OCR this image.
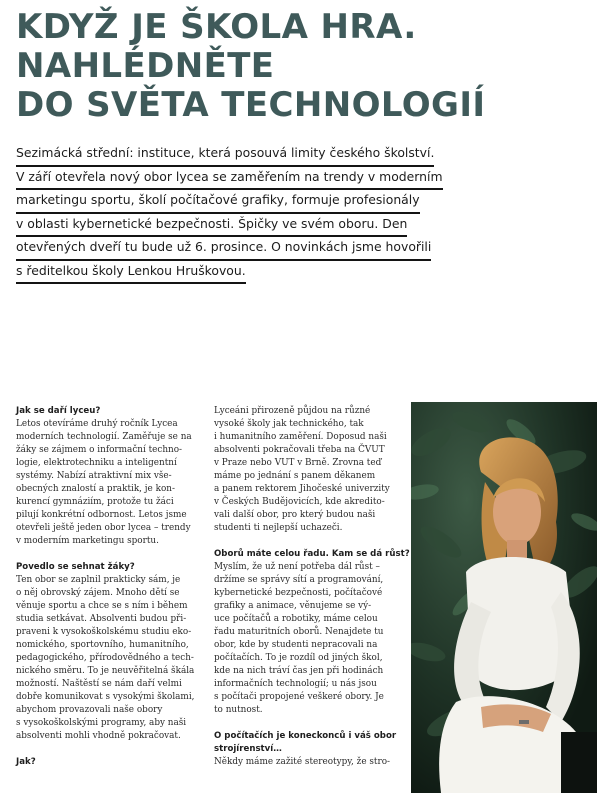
KDYŽ JE ŠKOLA HRA.
NAHLÉDNĚTE
DO SVĚTA TECHNOLOGIÍ
Sezimácká střední: instituce, která posouvá limity českého školství.
V září otevřela nový obor lycea se zaměřením na trendy v moderním
marketingu sportu, školí počítačové grafiky, formuje profesionály
v oblasti kybernetické bezpečnosti. Špičky ve svém oboru. Den
otevřených dveří tu bude už 6. prosince. O novinkách jsme hovořili
s ředitelkou školy Lenkou Hruškovou.
Jak se daří lyceu?
Letos otevíráme druhý ročník Lycea
moderních technologií. Zaměřuje se na
žáky se zájmem o informační techno-
logie, elektrotechniku a inteligentní
systémy. Nabízí atraktivní mix vše-
obecných znalostí a praktik, je kon-
kurencí gymnáziím, protože tu žáci
pilují konkrétní odbornost. Letos jsme
otevřeli ještě jeden obor lycea – trendy
v moderním marketingu sportu.
Povedlo se sehnat žáky?
Ten obor se zaplnil prakticky sám, je
o něj obrovský zájem. Mnoho dětí se
věnuje sportu a chce se s ním i během
studia setkávat. Absolventi budou při-
praveni k vysokoškolskému studiu eko-
nomického, sportovního, humanitního,
pedagogického, přírodovědného a tech-
nického směru. To je neuvěřitelná škála
možností. Naštěstí se nám daří velmi
dobře komunikovat s vysokými školami,
abychom provazovali naše obory
s vysokoškolskými programy, aby naši
absolventi mohli vhodně pokračovat.
Jak?
Lyceáni přirozeně půjdou na různé
vysoké školy jak technického, tak
i humanitního zaměření. Doposud naši
absolventi pokračovali třeba na ČVUT
v Praze nebo VUT v Brně. Zrovna teď
máme po jednání s panem děkanem
a panem rektorem Jihočeské univerzity
v Českých Budějovicích, kde akredito-
vali další obor, pro který budou naši
studenti ti nejlepší uchazeči.
Oborů máte celou řadu. Kam se dá růst?
Myslím, že už není potřeba dál růst –
držíme se správy sítí a programování,
kybernetické bezpečnosti, počítačové
grafiky a animace, věnujeme se vý-
uce počítačů a robotiky, máme celou
řadu maturitních oborů. Nenajdete tu
obor, kde by studenti nepracovali na
počítačích. To je rozdíl od jiných škol,
kde na nich tráví čas jen při hodinách
informačních technologií; u nás jsou
s počítači propojené veškeré obory. Je
to nutnost.
O počítačích je koneckonců i váš obor
strojírenství…
Někdy máme zažité stereotypy, že stro-
